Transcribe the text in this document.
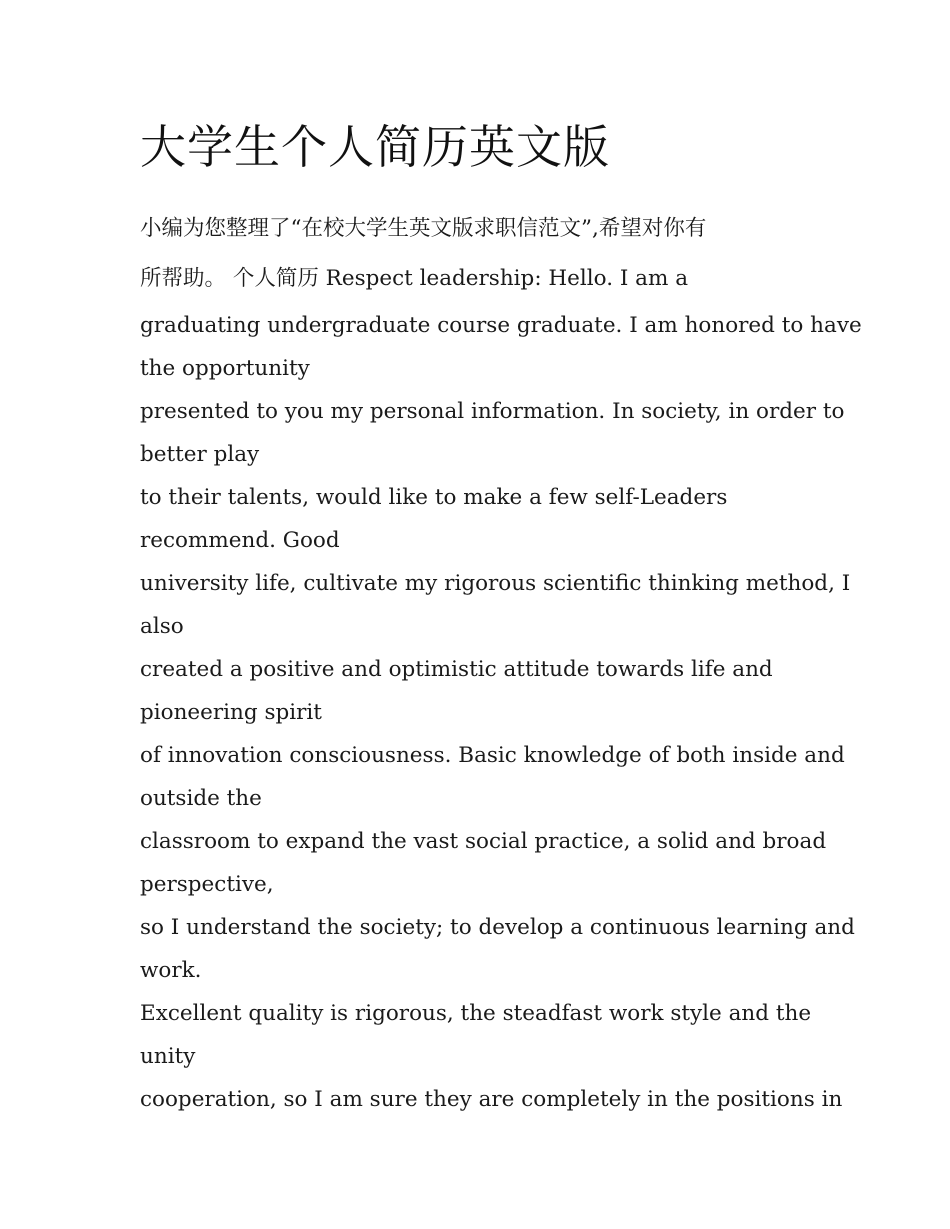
大学生个人简历英文版
小编为您整理了“在校大学生英文版求职信范文”,希望对你有
所帮助。 个人简历 Respect leadership: Hello. I am a
graduating undergraduate course graduate. I am honored to have
the opportunity
presented to you my personal information. In society, in order to
better play
to their talents, would like to make a few self-Leaders
recommend. Good
university life, cultivate my rigorous scientific thinking method, I
also
created a positive and optimistic attitude towards life and
pioneering spirit
of innovation consciousness. Basic knowledge of both inside and
outside the
classroom to expand the vast social practice, a solid and broad
perspective,
so I understand the society; to develop a continuous learning and
work.
Excellent quality is rigorous, the steadfast work style and the
unity
cooperation, so I am sure they are completely in the positions in
